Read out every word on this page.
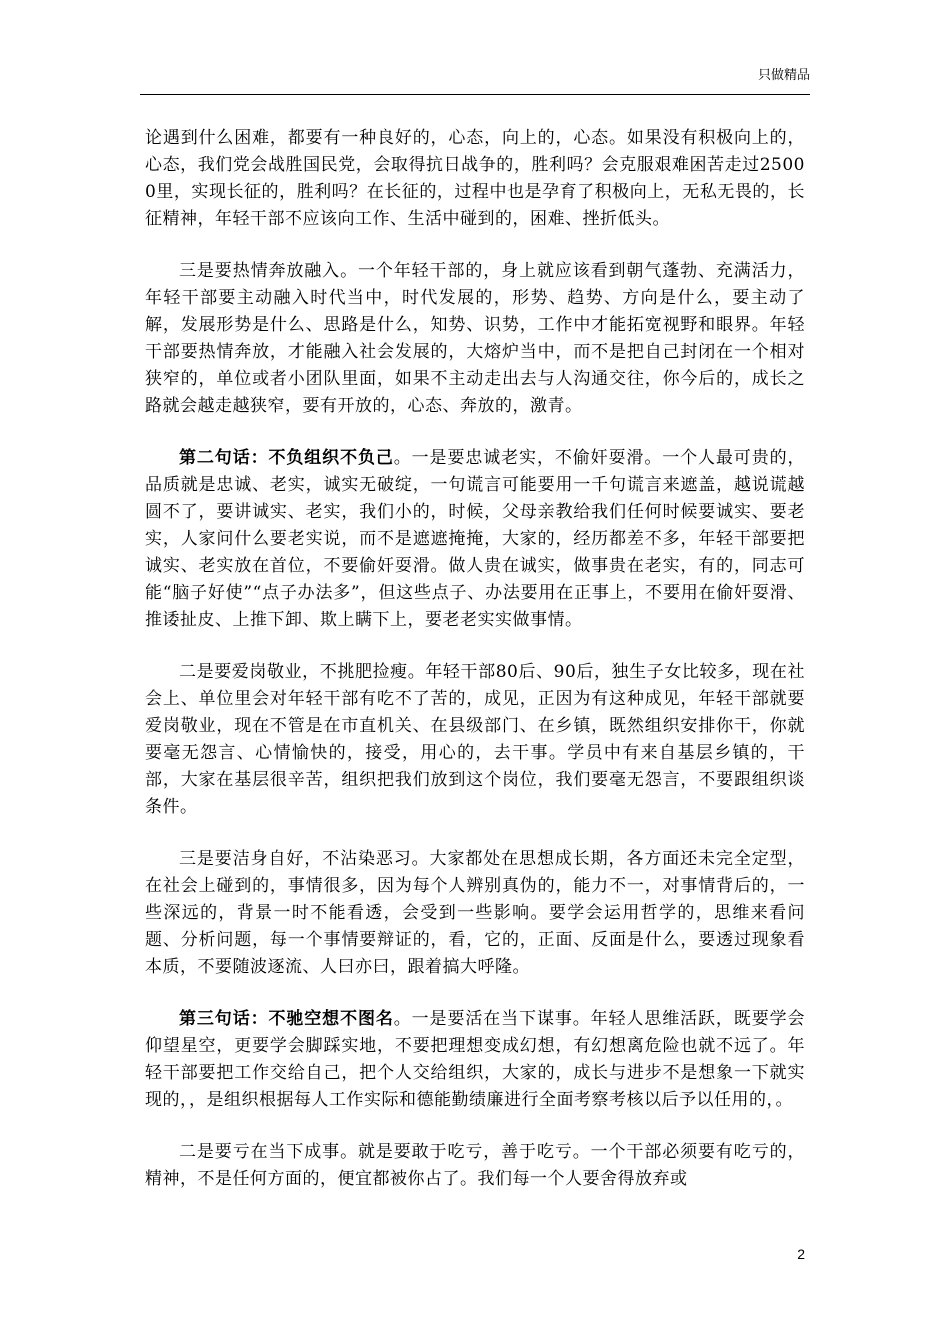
只做精品

论遇到什么困难，都要有一种良好的，心态，向上的，心态。如果没有积极向上的，心态，我们党会战胜国民党，会取得抗日战争的，胜利吗？会克服艰难困苦走过25000里，实现长征的，胜利吗？在长征的，过程中也是孕育了积极向上，无私无畏的，长征精神，年轻干部不应该向工作、生活中碰到的，困难、挫折低头。

三是要热情奔放融入。一个年轻干部的，身上就应该看到朝气蓬勃、充满活力，年轻干部要主动融入时代当中，时代发展的，形势、趋势、方向是什么，要主动了解，发展形势是什么、思路是什么，知势、识势，工作中才能拓宽视野和眼界。年轻干部要热情奔放，才能融入社会发展的，大熔炉当中，而不是把自己封闭在一个相对狭窄的，单位或者小团队里面，如果不主动走出去与人沟通交往，你今后的，成长之路就会越走越狭窄，要有开放的，心态、奔放的，激青。

第二句话：不负组织不负己。一是要忠诚老实，不偷奸耍滑。一个人最可贵的，品质就是忠诚、老实，诚实无破绽，一句谎言可能要用一千句谎言来遮盖，越说谎越圆不了，要讲诚实、老实，我们小的，时候，父母亲教给我们任何时候要诚实、要老实，人家问什么要老实说，而不是遮遮掩掩，大家的，经历都差不多，年轻干部要把诚实、老实放在首位，不要偷奸耍滑。做人贵在诚实，做事贵在老实，有的，同志可能“脑子好使”“点子办法多”，但这些点子、办法要用在正事上，不要用在偷奸耍滑、推诿扯皮、上推下卸、欺上瞒下上，要老老实实做事情。

二是要爱岗敬业，不挑肥捡瘦。年轻干部80后、90后，独生子女比较多，现在社会上、单位里会对年轻干部有吃不了苦的，成见，正因为有这种成见，年轻干部就要爱岗敬业，现在不管是在市直机关、在县级部门、在乡镇，既然组织安排你干，你就要毫无怨言、心情愉快的，接受，用心的，去干事。学员中有来自基层乡镇的，干部，大家在基层很辛苦，组织把我们放到这个岗位，我们要毫无怨言，不要跟组织谈条件。

三是要洁身自好，不沾染恶习。大家都处在思想成长期，各方面还未完全定型，在社会上碰到的，事情很多，因为每个人辨别真伪的，能力不一，对事情背后的，一些深远的，背景一时不能看透，会受到一些影响。要学会运用哲学的，思维来看问题、分析问题，每一个事情要辩证的，看，它的，正面、反面是什么，要透过现象看本质，不要随波逐流、人曰亦曰，跟着搞大呼隆。

第三句话：不驰空想不图名。一是要活在当下谋事。年轻人思维活跃，既要学会仰望星空，更要学会脚踩实地，不要把理想变成幻想，有幻想离危险也就不远了。年轻干部要把工作交给自己，把个人交给组织，大家的，成长与进步不是想象一下就实现的，，是组织根据每人工作实际和德能勤绩廉进行全面考察考核以后予以任用的，。

二是要亏在当下成事。就是要敢于吃亏，善于吃亏。一个干部必须要有吃亏的，精神，不是任何方面的，便宜都被你占了。我们每一个人要舍得放弃或

2
